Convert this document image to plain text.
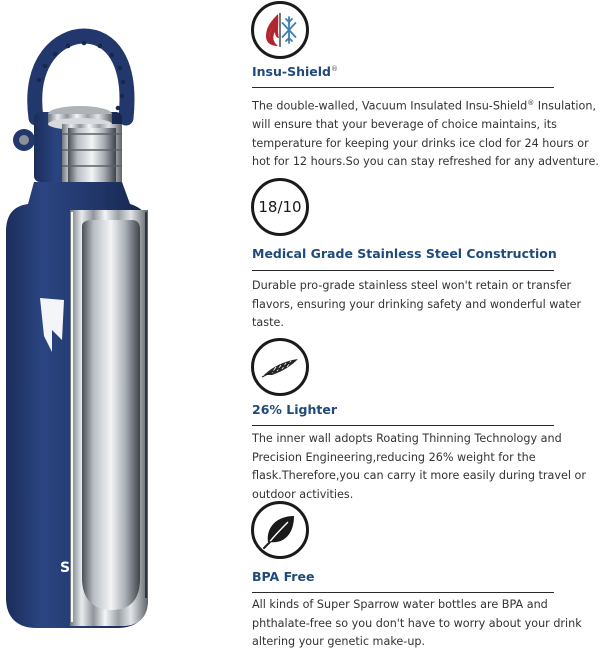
S
Insu-Shield®
The double-walled, Vacuum Insulated Insu-Shield® Insulation, will ensure that your beverage of choice maintains, its temperature for keeping your drinks ice clod for 24 hours or hot for 12 hours.So you can stay refreshed for any adventure.
18/10
Medical Grade Stainless Steel Construction
Durable pro-grade stainless steel won't retain or transfer flavors, ensuring your drinking safety and wonderful water taste.
26% Lighter
The inner wall adopts Roating Thinning Technology and Precision Engineering,reducing 26% weight for the flask.Therefore,you can carry it more easily during travel or outdoor activities.
BPA Free
All kinds of Super Sparrow water bottles are BPA and phthalate-free so you don't have to worry about your drink altering your genetic make-up.
